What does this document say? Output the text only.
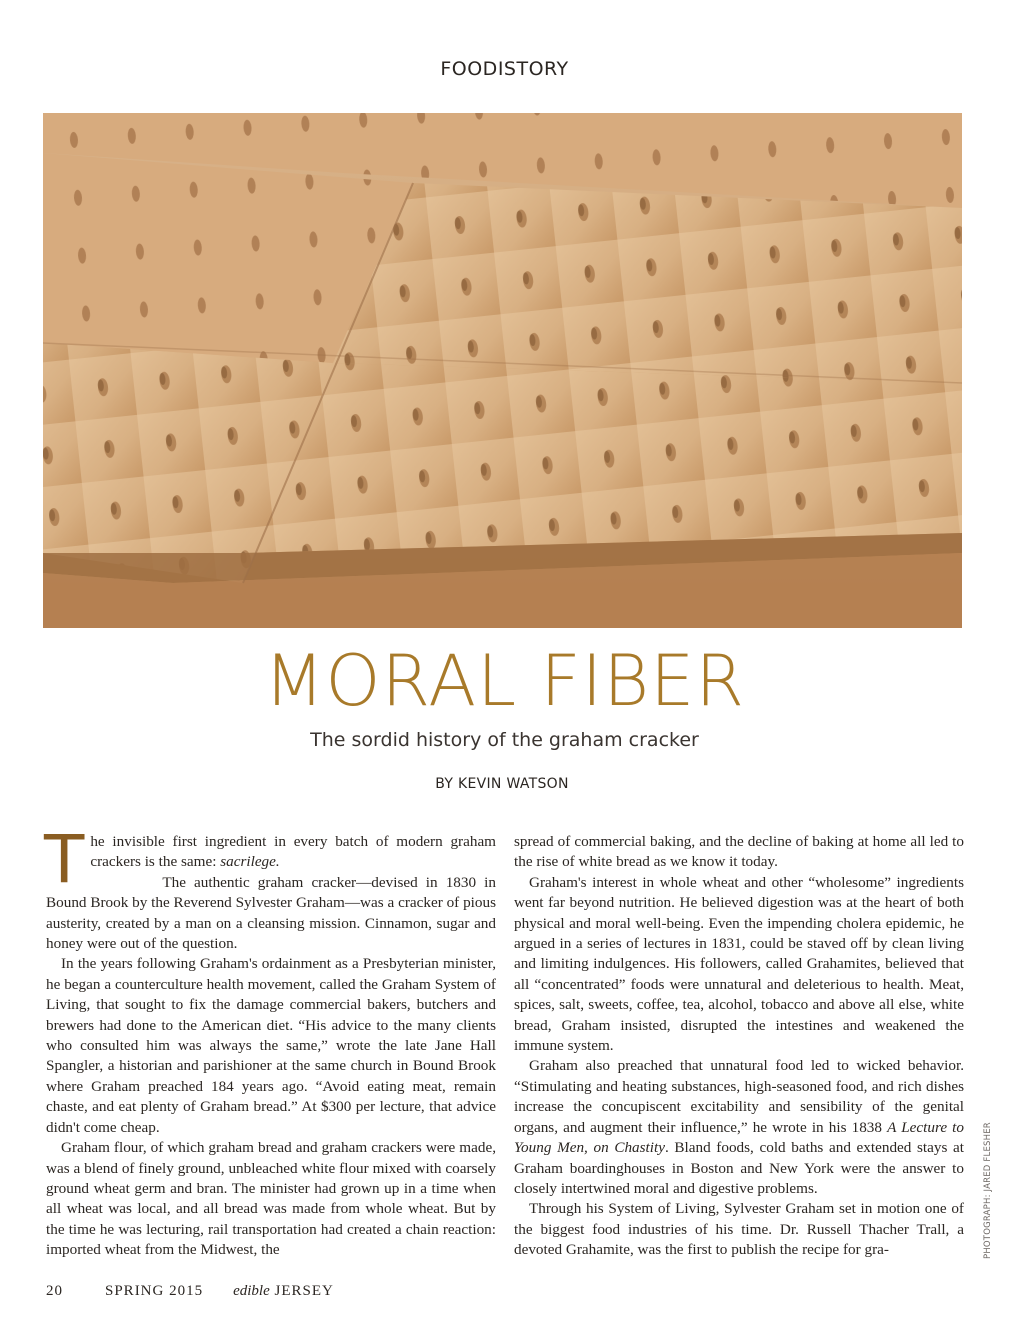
FOODISTORY
MORAL FIBER
The sordid history of the graham cracker
BY KEVIN WATSON

The invisible first ingredient in every batch of modern graham crackers is the same: sacrilege.

The authentic graham cracker—devised in 1830 in Bound Brook by the Reverend Sylvester Graham—was a cracker of pious austerity, created by a man on a cleansing mission. Cinnamon, sugar and honey were out of the question.

In the years following Graham's ordainment as a Presbyterian minister, he began a counterculture health movement, called the Graham System of Living, that sought to fix the damage commercial bakers, butchers and brewers had done to the American diet. “His advice to the many clients who consulted him was always the same,” wrote the late Jane Hall Spangler, a historian and parishioner at the same church in Bound Brook where Graham preached 184 years ago. “Avoid eating meat, remain chaste, and eat plenty of Graham bread.” At $300 per lecture, that advice didn't come cheap.

Graham flour, of which graham bread and graham crackers were made, was a blend of finely ground, unbleached white flour mixed with coarsely ground wheat germ and bran. The minister had grown up in a time when all wheat was local, and all bread was made from whole wheat. But by the time he was lecturing, rail transportation had created a chain reaction: imported wheat from the Midwest, the

spread of commercial baking, and the decline of baking at home all led to the rise of white bread as we know it today.

Graham's interest in whole wheat and other “wholesome” ingredients went far beyond nutrition. He believed digestion was at the heart of both physical and moral well-being. Even the impending cholera epidemic, he argued in a series of lectures in 1831, could be staved off by clean living and limiting indulgences. His followers, called Grahamites, believed that all “concentrated” foods were unnatural and deleterious to health. Meat, spices, salt, sweets, coffee, tea, alcohol, tobacco and above all else, white bread, Graham insisted, disrupted the intestines and weakened the immune system.

Graham also preached that unnatural food led to wicked behavior. “Stimulating and heating substances, high-seasoned food, and rich dishes increase the concupiscent excitability and sensibility of the genital organs, and augment their influence,” he wrote in his 1838 A Lecture to Young Men, on Chastity. Bland foods, cold baths and extended stays at Graham boardinghouses in Boston and New York were the answer to closely intertwined moral and digestive problems.

Through his System of Living, Sylvester Graham set in motion one of the biggest food industries of his time. Dr. Russell Thacher Trall, a devoted Grahamite, was the first to publish the recipe for gra-	PHOTOGRAPH: JARED FLESHER
20	SPRING 2015 edible JERSEY
